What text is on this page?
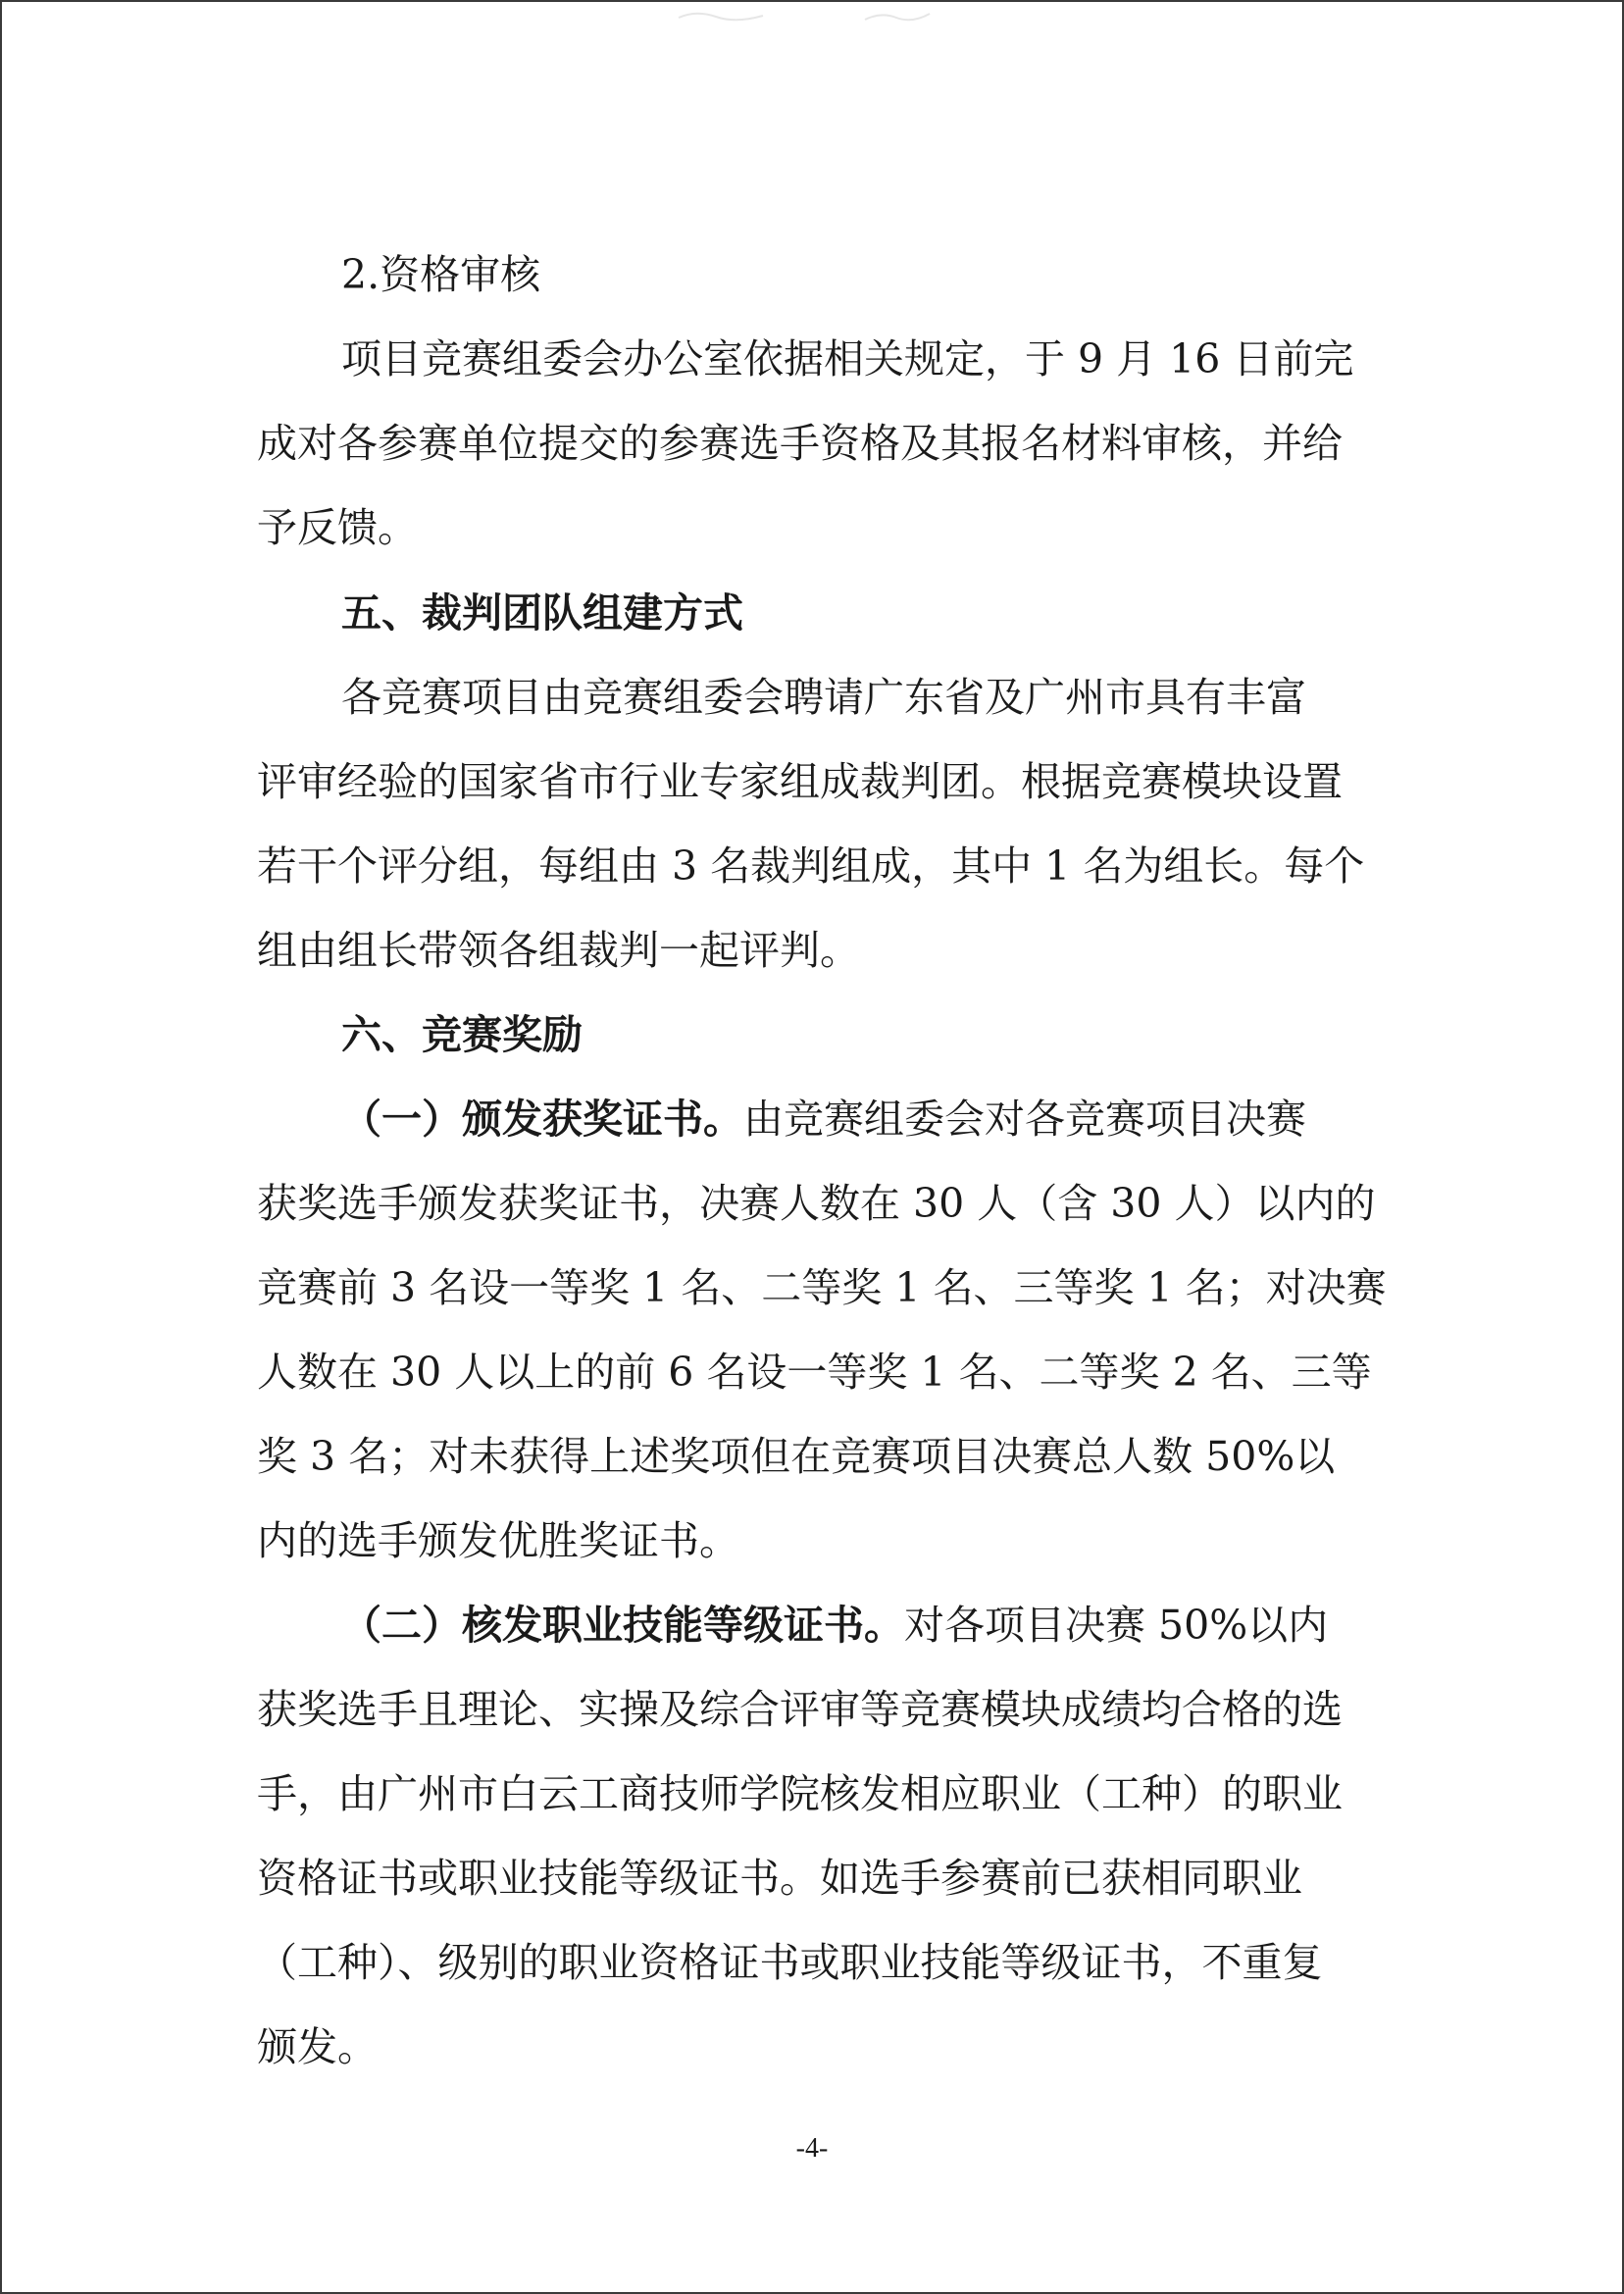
2.资格审核
项目竞赛组委会办公室依据相关规定，于 9 月 16 日前完
成对各参赛单位提交的参赛选手资格及其报名材料审核，并给
予反馈。
五、裁判团队组建方式
各竞赛项目由竞赛组委会聘请广东省及广州市具有丰富
评审经验的国家省市行业专家组成裁判团。根据竞赛模块设置
若干个评分组，每组由 3 名裁判组成，其中 1 名为组长。每个
组由组长带领各组裁判一起评判。
六、竞赛奖励
（一）颁发获奖证书。由竞赛组委会对各竞赛项目决赛
获奖选手颁发获奖证书，决赛人数在 30 人（含 30 人）以内的
竞赛前 3 名设一等奖 1 名、二等奖 1 名、三等奖 1 名；对决赛
人数在 30 人以上的前 6 名设一等奖 1 名、二等奖 2 名、三等
奖 3 名；对未获得上述奖项但在竞赛项目决赛总人数 50%以
内的选手颁发优胜奖证书。
（二）核发职业技能等级证书。对各项目决赛 50%以内
获奖选手且理论、实操及综合评审等竞赛模块成绩均合格的选
手，由广州市白云工商技师学院核发相应职业（工种）的职业
资格证书或职业技能等级证书。如选手参赛前已获相同职业
（工种）、级别的职业资格证书或职业技能等级证书，不重复
颁发。
-4-
